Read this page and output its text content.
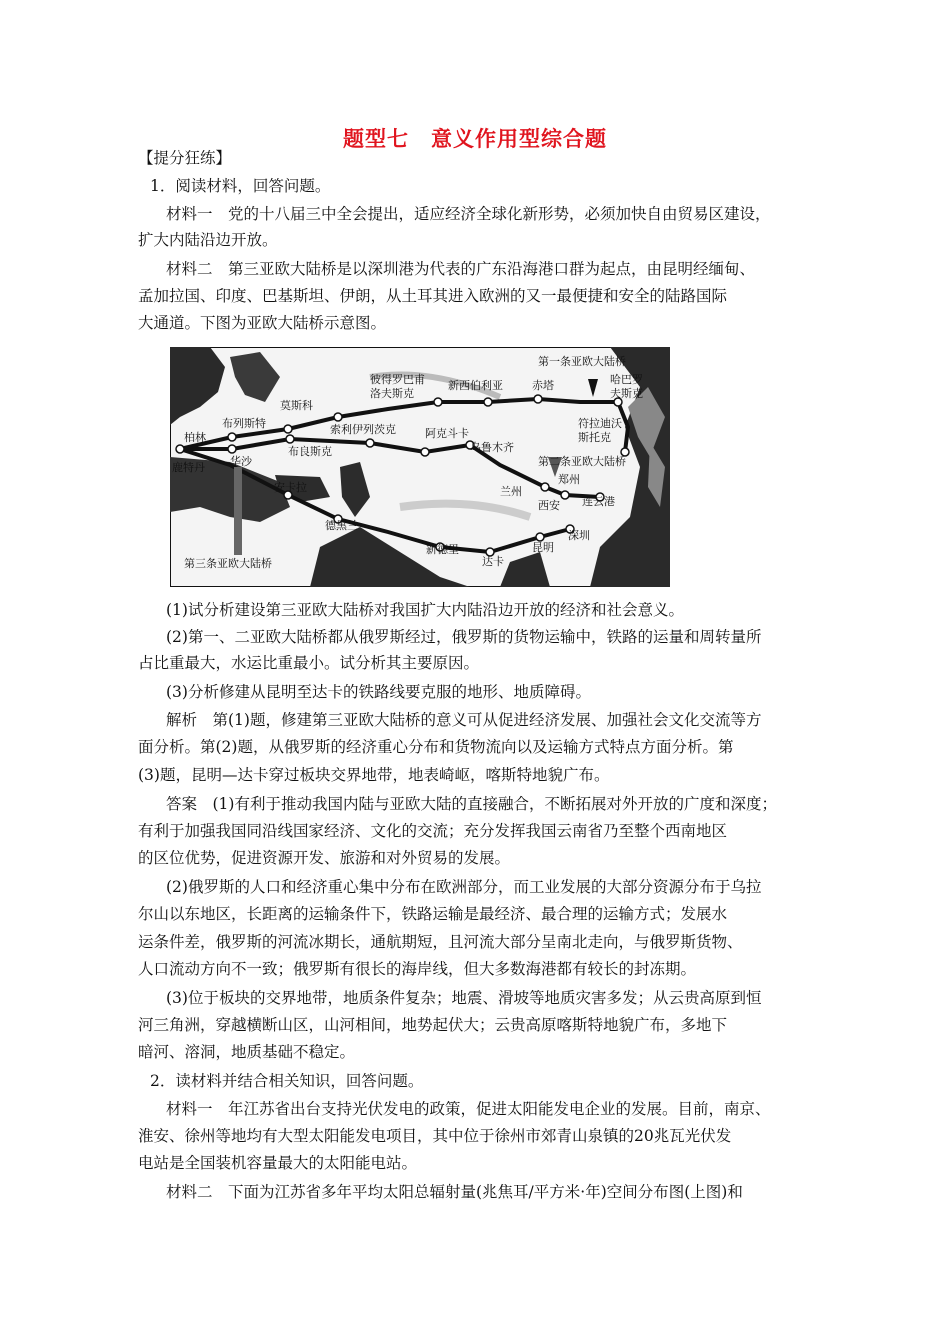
题型七　意义作用型综合题
【提分狂练】
1．阅读材料，回答问题。
材料一　党的十八届三中全会提出，适应经济全球化新形势，必须加快自由贸易区建设，
扩大内陆沿边开放。
材料二　第三亚欧大陆桥是以深圳港为代表的广东沿海港口群为起点，由昆明经缅甸、
孟加拉国、印度、巴基斯坦、伊朗，从土耳其进入欧洲的又一最便捷和安全的陆路国际
大通道。下图为亚欧大陆桥示意图。
第一条亚欧大陆桥
彼得罗巴甫
洛夫斯克
新西伯利亚	赤塔	哈巴罗
夫斯克
符拉迪沃
斯托克
莫斯科
布列斯特
柏林
华沙
布良斯克
索利伊列茨克	阿克斗卡
乌鲁木齐
第二条亚欧大陆桥
鹿特丹
安卡拉	兰州
郑州
西安 连云港
德黑兰
新德里
达卡
昆明
深圳
第三条亚欧大陆桥
(1)试分析建设第三亚欧大陆桥对我国扩大内陆沿边开放的经济和社会意义。
(2)第一、二亚欧大陆桥都从俄罗斯经过，俄罗斯的货物运输中，铁路的运量和周转量所
占比重最大，水运比重最小。试分析其主要原因。
(3)分析修建从昆明至达卡的铁路线要克服的地形、地质障碍。
解析　第(1)题，修建第三亚欧大陆桥的意义可从促进经济发展、加强社会文化交流等方
面分析。第(2)题，从俄罗斯的经济重心分布和货物流向以及运输方式特点方面分析。第
(3)题，昆明—达卡穿过板块交界地带，地表崎岖，喀斯特地貌广布。
答案　(1)有利于推动我国内陆与亚欧大陆的直接融合，不断拓展对外开放的广度和深度；
有利于加强我国同沿线国家经济、文化的交流；充分发挥我国云南省乃至整个西南地区
的区位优势，促进资源开发、旅游和对外贸易的发展。
(2)俄罗斯的人口和经济重心集中分布在欧洲部分，而工业发展的大部分资源分布于乌拉
尔山以东地区，长距离的运输条件下，铁路运输是最经济、最合理的运输方式；发展水
运条件差，俄罗斯的河流冰期长，通航期短，且河流大部分呈南北走向，与俄罗斯货物、
人口流动方向不一致；俄罗斯有很长的海岸线，但大多数海港都有较长的封冻期。
(3)位于板块的交界地带，地质条件复杂；地震、滑坡等地质灾害多发；从云贵高原到恒
河三角洲，穿越横断山区，山河相间，地势起伏大；云贵高原喀斯特地貌广布，多地下
暗河、溶洞，地质基础不稳定。
2．读材料并结合相关知识，回答问题。
材料一　年江苏省出台支持光伏发电的政策，促进太阳能发电企业的发展。目前，南京、
淮安、徐州等地均有大型太阳能发电项目，其中位于徐州市郊青山泉镇的20兆瓦光伏发
电站是全国装机容量最大的太阳能电站。
材料二　下面为江苏省多年平均太阳总辐射量(兆焦耳/平方米·年)空间分布图(上图)和
